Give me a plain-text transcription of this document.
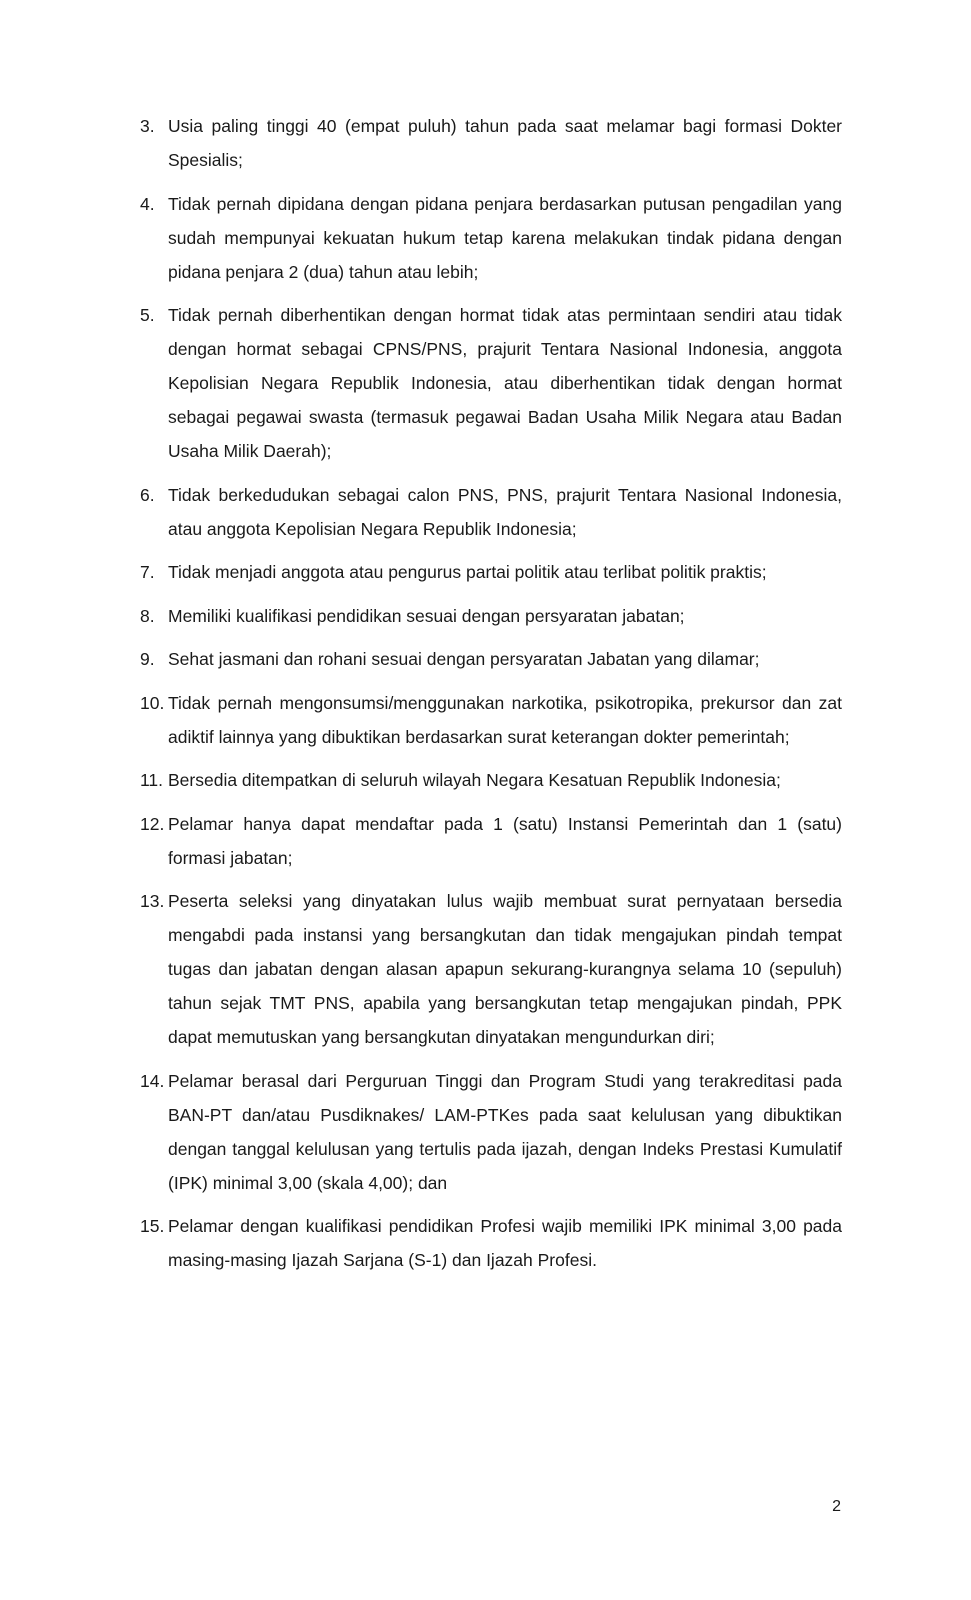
3. Usia paling tinggi 40 (empat puluh) tahun pada saat melamar bagi formasi Dokter Spesialis;
4. Tidak pernah dipidana dengan pidana penjara berdasarkan putusan pengadilan yang sudah mempunyai kekuatan hukum tetap karena melakukan tindak pidana dengan pidana penjara 2 (dua) tahun atau lebih;
5. Tidak pernah diberhentikan dengan hormat tidak atas permintaan sendiri atau tidak dengan hormat sebagai CPNS/PNS, prajurit Tentara Nasional Indonesia, anggota Kepolisian Negara Republik Indonesia, atau diberhentikan tidak dengan hormat sebagai pegawai swasta (termasuk pegawai Badan Usaha Milik Negara atau Badan Usaha Milik Daerah);
6. Tidak berkedudukan sebagai calon PNS, PNS, prajurit Tentara Nasional Indonesia, atau anggota Kepolisian Negara Republik Indonesia;
7. Tidak menjadi anggota atau pengurus partai politik atau terlibat politik praktis;
8. Memiliki kualifikasi pendidikan sesuai dengan persyaratan jabatan;
9. Sehat jasmani dan rohani sesuai dengan persyaratan Jabatan yang dilamar;
10. Tidak pernah mengonsumsi/menggunakan narkotika, psikotropika, prekursor dan zat adiktif lainnya yang dibuktikan berdasarkan surat keterangan dokter pemerintah;
11. Bersedia ditempatkan di seluruh wilayah Negara Kesatuan Republik Indonesia;
12. Pelamar hanya dapat mendaftar pada 1 (satu) Instansi Pemerintah dan 1 (satu) formasi jabatan;
13. Peserta seleksi yang dinyatakan lulus wajib membuat surat pernyataan bersedia mengabdi pada instansi yang bersangkutan dan tidak mengajukan pindah tempat tugas dan jabatan dengan alasan apapun sekurang-kurangnya selama 10 (sepuluh) tahun sejak TMT PNS, apabila yang bersangkutan tetap mengajukan pindah, PPK dapat memutuskan yang bersangkutan dinyatakan mengundurkan diri;
14. Pelamar berasal dari Perguruan Tinggi dan Program Studi yang terakreditasi pada BAN-PT dan/atau Pusdiknakes/ LAM-PTKes pada saat kelulusan yang dibuktikan dengan tanggal kelulusan yang tertulis pada ijazah, dengan Indeks Prestasi Kumulatif (IPK) minimal 3,00 (skala 4,00); dan
15. Pelamar dengan kualifikasi pendidikan Profesi wajib memiliki IPK minimal 3,00 pada masing-masing Ijazah Sarjana (S-1) dan Ijazah Profesi.
2
